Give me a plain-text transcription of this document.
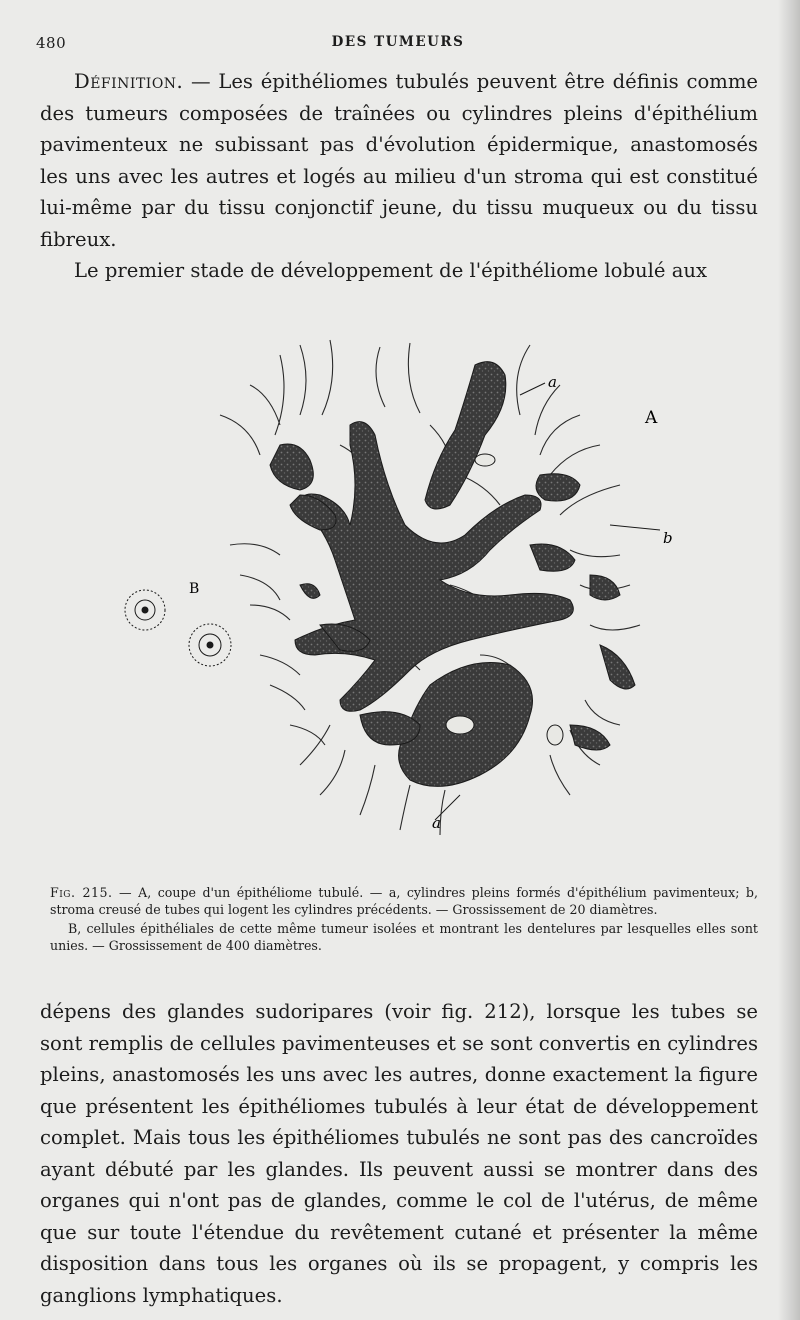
480	DES TUMEURS

Définition. — Les épithéliomes tubulés peuvent être définis comme des tumeurs composées de traînées ou cylindres pleins d'épithélium pavimenteux ne subissant pas d'évolution épidermique, anastomosés les uns avec les autres et logés au milieu d'un stroma qui est constitué lui-même par du tissu conjonctif jeune, du tissu muqueux ou du tissu fibreux.

Le premier stade de développement de l'épithéliome lobulé aux

A
B
a
b
a

Fig. 215. — A, coupe d'un épithéliome tubulé. — a, cylindres pleins formés d'épithélium pavimenteux; b, stroma creusé de tubes qui logent les cylindres précédents. — Grossissement de 20 diamètres.

B, cellules épithéliales de cette même tumeur isolées et montrant les dentelures par lesquelles elles sont unies. — Grossissement de 400 diamètres.

dépens des glandes sudoripares (voir fig. 212), lorsque les tubes se sont remplis de cellules pavimenteuses et se sont convertis en cylindres pleins, anastomosés les uns avec les autres, donne exactement la figure que présentent les épithéliomes tubulés à leur état de développement complet. Mais tous les épithéliomes tubulés ne sont pas des cancroïdes ayant débuté par les glandes. Ils peuvent aussi se montrer dans des organes qui n'ont pas de glandes, comme le col de l'utérus, de même que sur toute l'étendue du revêtement cutané et présenter la même disposition dans tous les organes où ils se propagent, y compris les ganglions lymphatiques.
